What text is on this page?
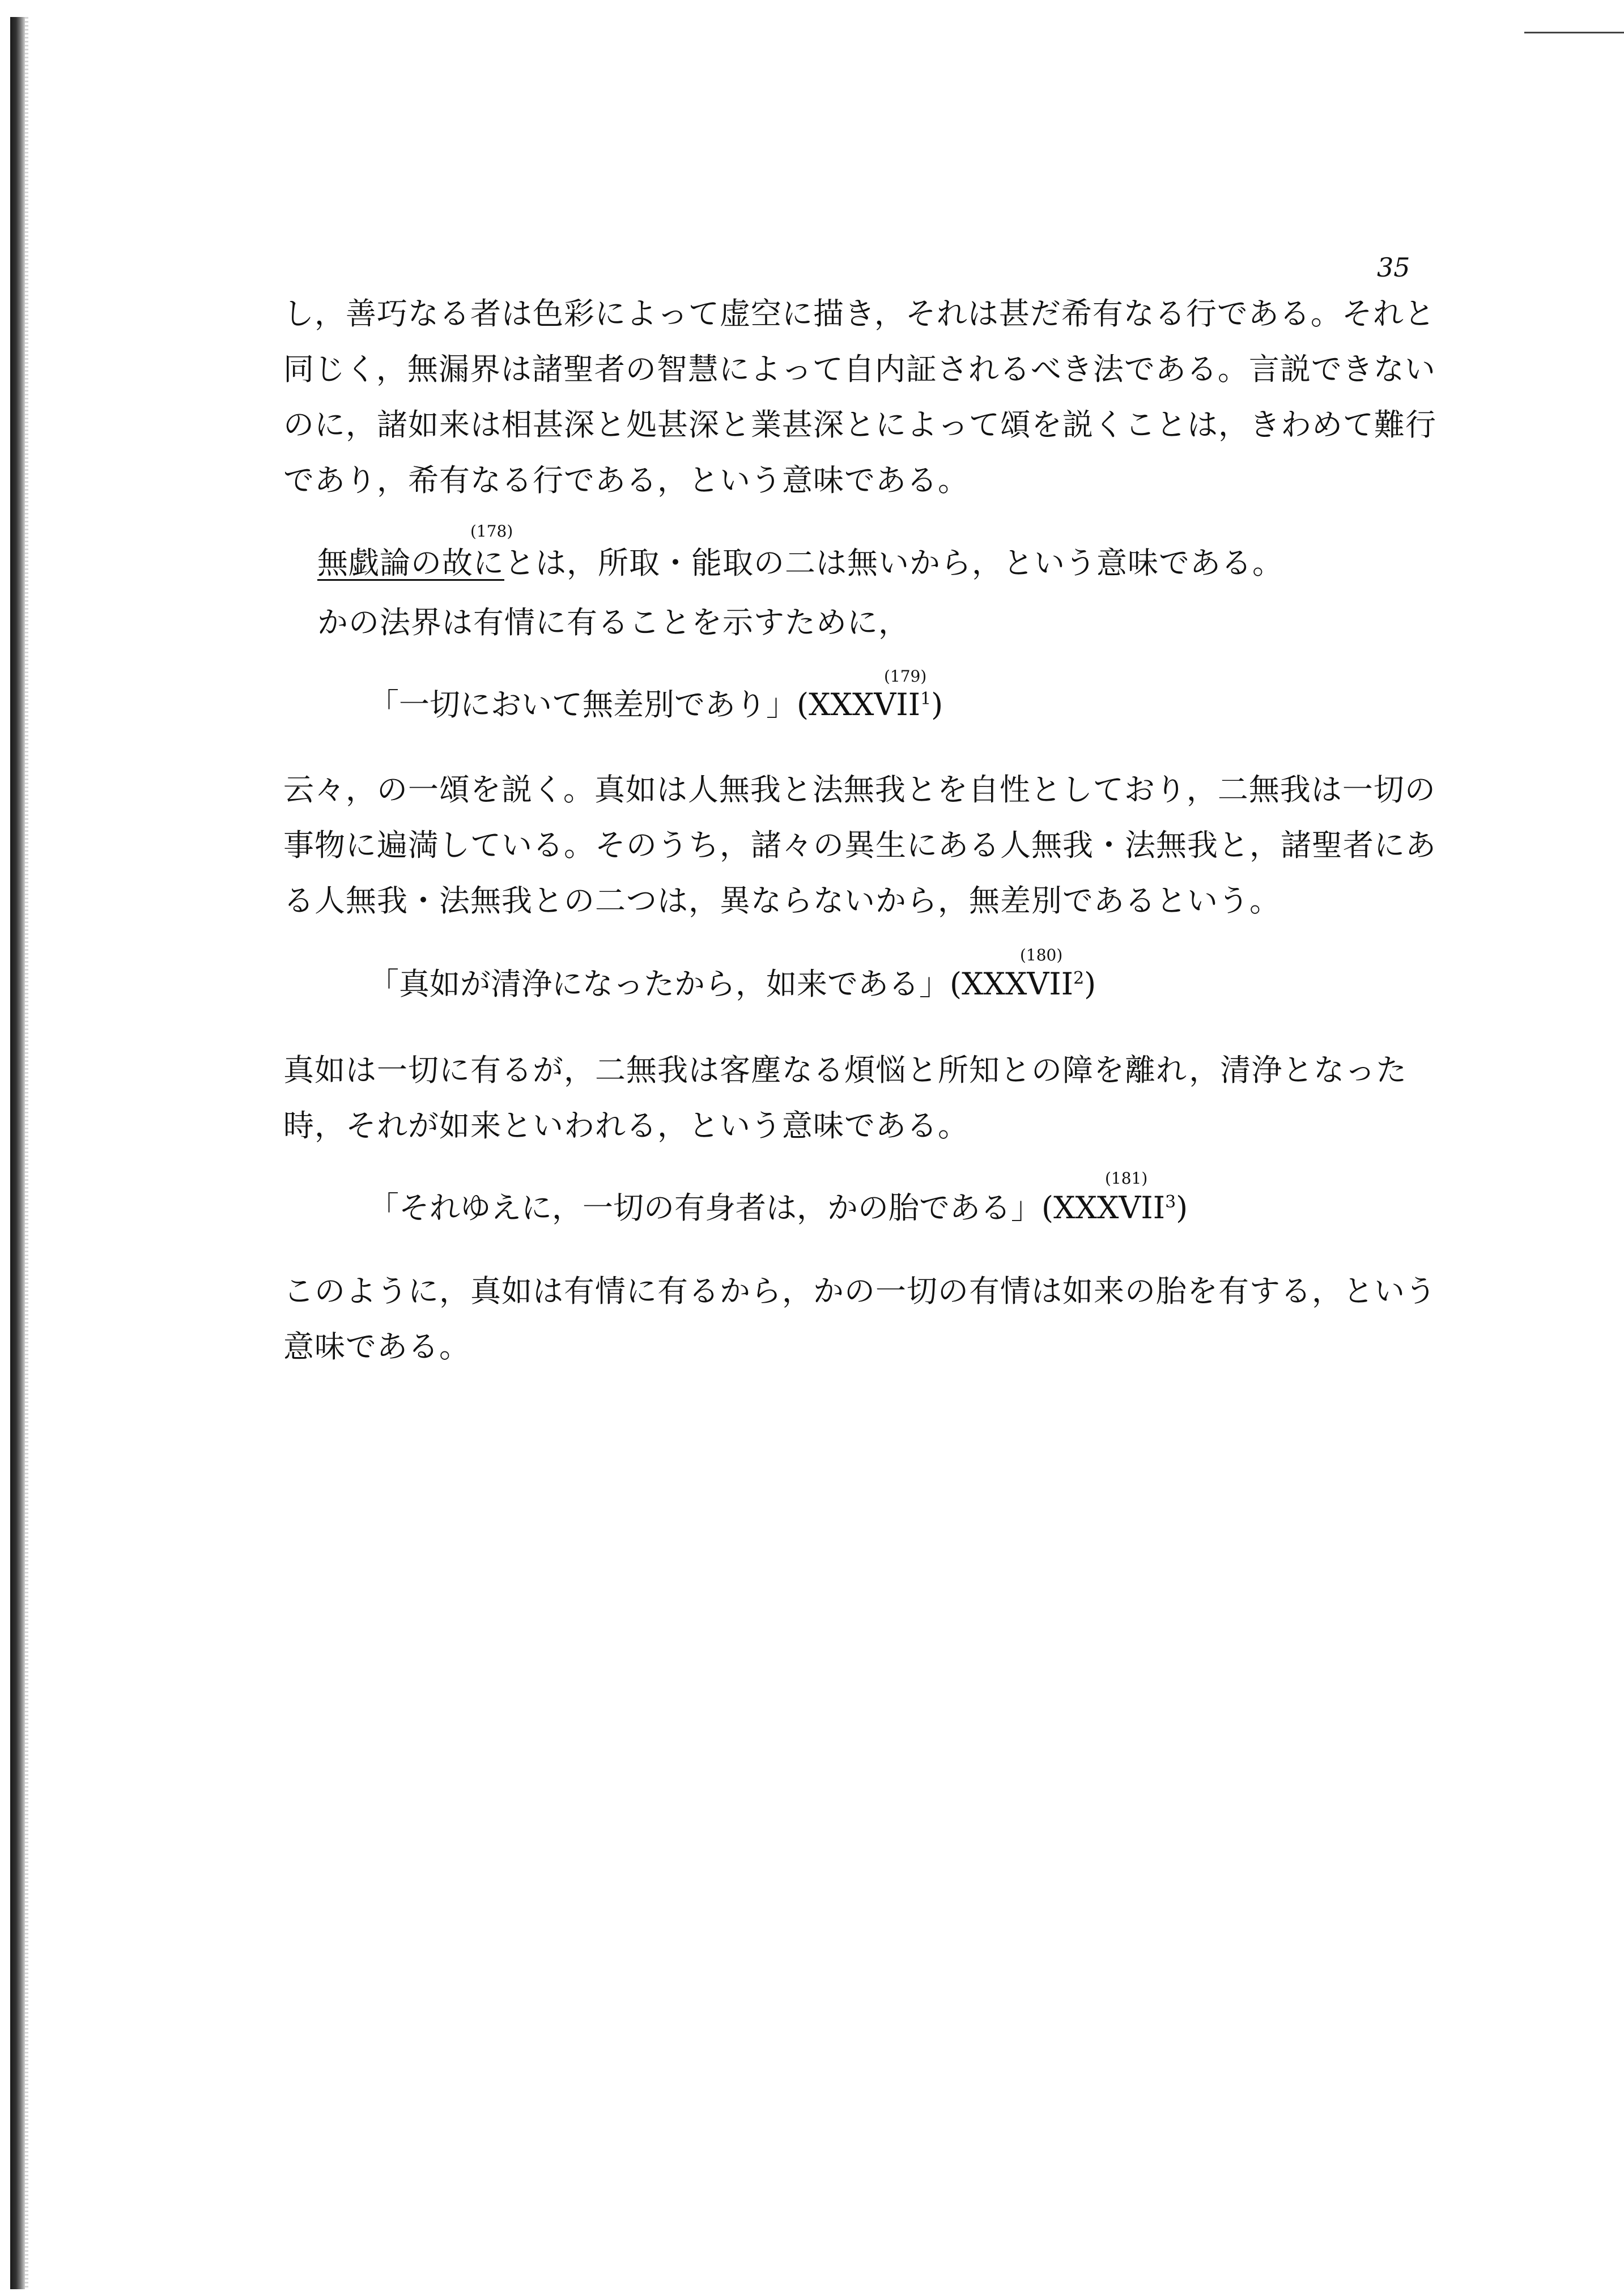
35
し，善巧なる者は色彩によって虚空に描き，それは甚だ希有なる行である。それと同じく，無漏界は諸聖者の智慧によって自内証されるべき法である。言説できないのに，諸如来は相甚深と処甚深と業甚深とによって頌を説くことは，きわめて難行であり，希有なる行である，という意味である。
(178)
無戯論の故にとは，所取・能取の二は無いから，という意味である。
かの法界は有情に有ることを示すために，
(179)
「一切において無差別であり」(XXXVII$^1$)
云々，の一頌を説く。真如は人無我と法無我とを自性としており，二無我は一切の事物に遍満している。そのうち，諸々の異生にある人無我・法無我と，諸聖者にある人無我・法無我との二つは，異ならないから，無差別であるという。
(180)
「真如が清浄になったから，如来である」(XXXVII$^2$)
真如は一切に有るが，二無我は客塵なる煩悩と所知との障を離れ，清浄となった時，それが如来といわれる，という意味である。
(181)
「それゆえに，一切の有身者は，かの胎である」(XXXVII$^3$)
このように，真如は有情に有るから，かの一切の有情は如来の胎を有する，という意味である。
